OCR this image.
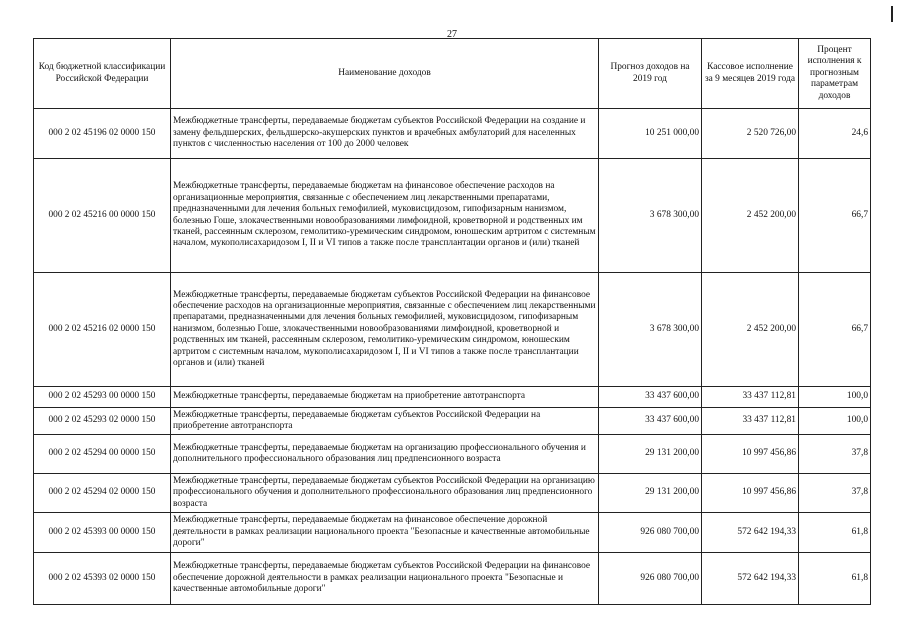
27
Код бюджетной классификации Российской Федерации	Наименование доходов	Прогноз доходов на 2019 год	Кассовое исполнение за 9 месяцев 2019 года	Процент исполнения к прогнозным параметрам доходов
000 2 02 45196 02 0000 150	Межбюджетные трансферты, передаваемые бюджетам субъектов Российской Федерации на создание и замену фельдшерских, фельдшерско-акушерских пунктов и врачебных амбулаторий для населенных пунктов с численностью населения от 100 до 2000 человек	10 251 000,00	2 520 726,00	24,6
000 2 02 45216 00 0000 150	Межбюджетные трансферты, передаваемые бюджетам на финансовое обеспечение расходов на организационные мероприятия, связанные с обеспечением лиц лекарственными препаратами, предназначенными для лечения больных гемофилией, муковисцидозом, гипофизарным нанизмом, болезнью Гоше, злокачественными новообразованиями лимфоидной, кроветворной и родственных им тканей, рассеянным склерозом, гемолитико-уремическим синдромом, юношеским артритом с системным началом, мукополисахаридозом I, II и VI типов а также после трансплантации органов и (или) тканей	3 678 300,00	2 452 200,00	66,7
000 2 02 45216 02 0000 150	Межбюджетные трансферты, передаваемые бюджетам субъектов Российской Федерации на финансовое обеспечение расходов на организационные мероприятия, связанные с обеспечением лиц лекарственными препаратами, предназначенными для лечения больных гемофилией, муковисцидозом, гипофизарным нанизмом, болезнью Гоше, злокачественными новообразованиями лимфоидной, кроветворной и родственных им тканей, рассеянным склерозом, гемолитико-уремическим синдромом, юношеским артритом с системным началом, мукополисахаридозом I, II и VI типов а также после трансплантации органов и (или) тканей	3 678 300,00	2 452 200,00	66,7
000 2 02 45293 00 0000 150	Межбюджетные трансферты, передаваемые бюджетам на приобретение автотранспорта	33 437 600,00	33 437 112,81	100,0
000 2 02 45293 02 0000 150	Межбюджетные трансферты, передаваемые бюджетам субъектов Российской Федерации на приобретение автотранспорта	33 437 600,00	33 437 112,81	100,0
000 2 02 45294 00 0000 150	Межбюджетные трансферты, передаваемые бюджетам на организацию профессионального обучения и дополнительного профессионального образования лиц предпенсионного возраста	29 131 200,00	10 997 456,86	37,8
000 2 02 45294 02 0000 150	Межбюджетные трансферты, передаваемые бюджетам субъектов Российской Федерации на организацию профессионального обучения и дополнительного профессионального образования лиц предпенсионного возраста	29 131 200,00	10 997 456,86	37,8
000 2 02 45393 00 0000 150	Межбюджетные трансферты, передаваемые бюджетам на финансовое обеспечение дорожной деятельности в рамках реализации национального проекта "Безопасные и качественные автомобильные дороги"	926 080 700,00	572 642 194,33	61,8
000 2 02 45393 02 0000 150	Межбюджетные трансферты, передаваемые бюджетам субъектов Российской Федерации на финансовое обеспечение дорожной деятельности в рамках реализации национального проекта "Безопасные и качественные автомобильные дороги"	926 080 700,00	572 642 194,33	61,8
